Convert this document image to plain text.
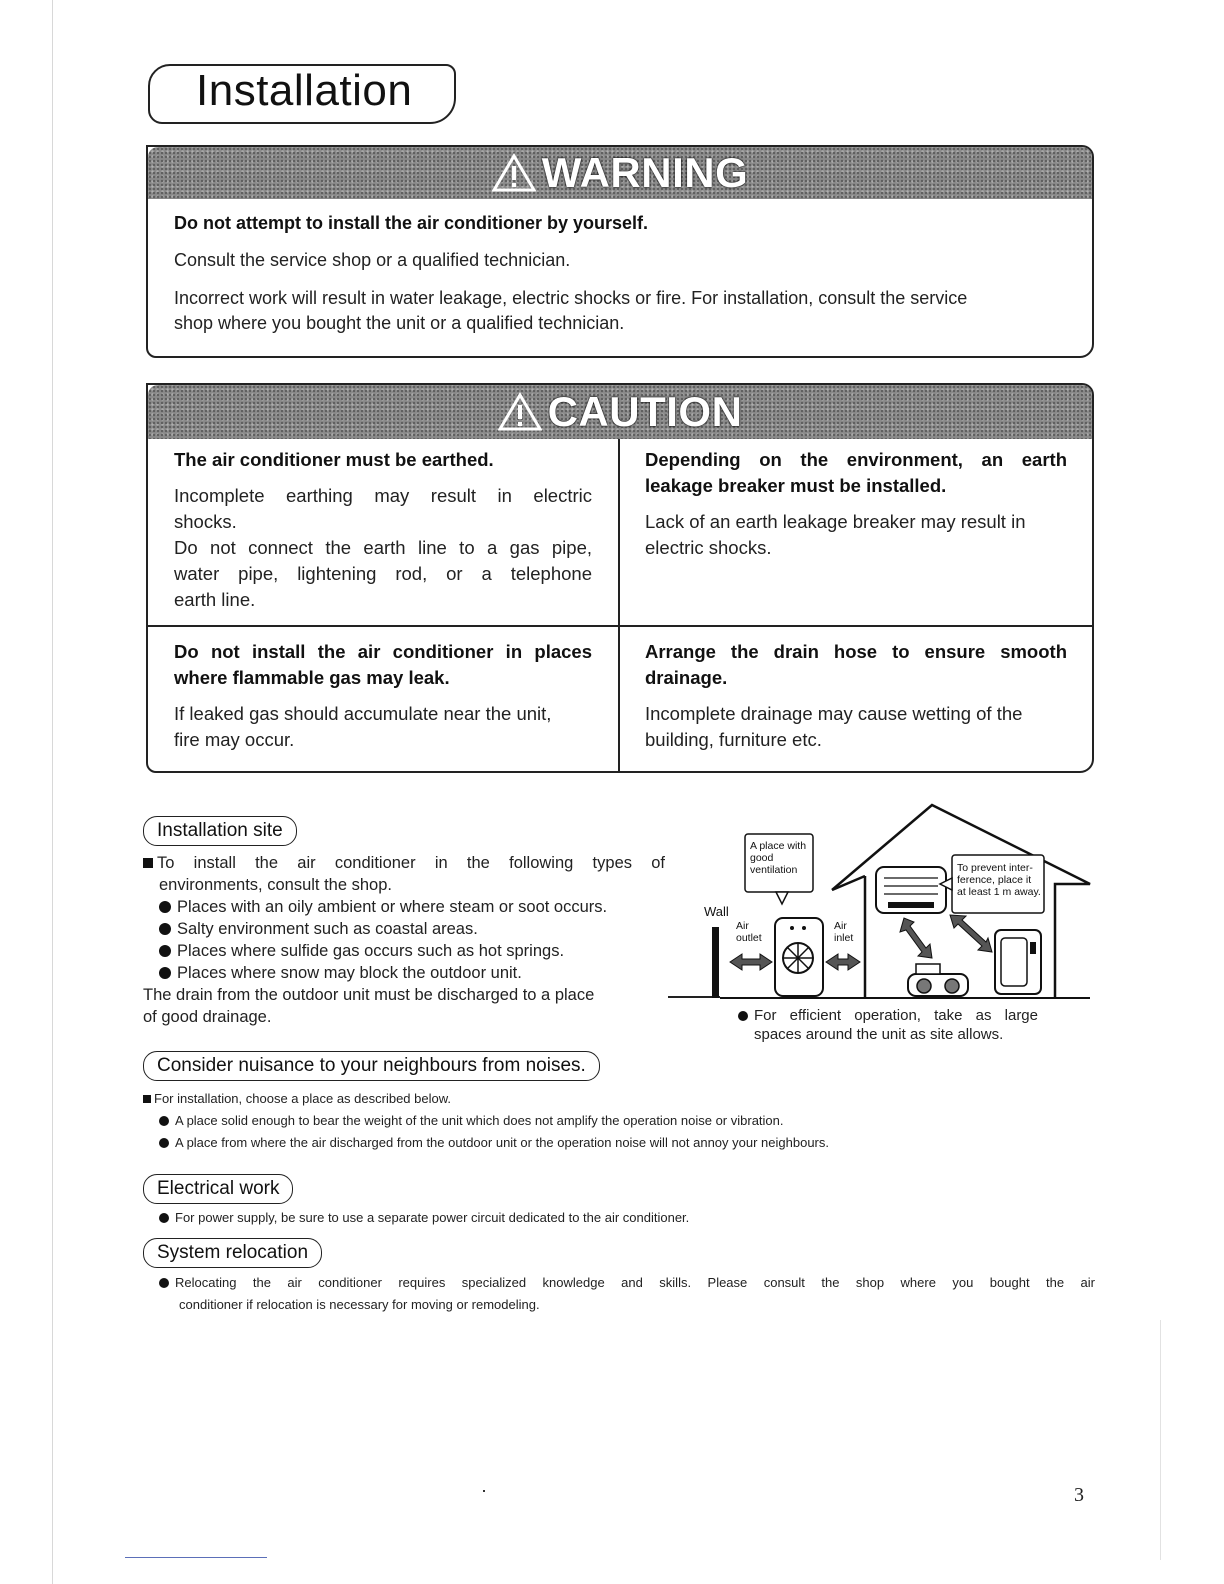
Installation
WARNING
Do not attempt to install the air conditioner by yourself.
Consult the service shop or a qualified technician.
Incorrect work will result in water leakage, electric shocks or fire. For installation, consult the service
shop where you bought the unit or a qualified technician.
CAUTION
The air conditioner must be earthed.
Incomplete earthing may result in electric
shocks.
Do not connect the earth line to a gas pipe,
water pipe, lightening rod, or a telephone
earth line.
Depending on the environment, an earth
leakage breaker must be installed.
Lack of an earth leakage breaker may result in
electric shocks.
Do not install the air conditioner in places
where flammable gas may leak.
If leaked gas should accumulate near the unit,
fire may occur.
Arrange the drain hose to ensure smooth
drainage.
Incomplete drainage may cause wetting of the
building, furniture etc.
Installation site
To install the air conditioner in the following types of
environments, consult the shop.
Places with an oily ambient or where steam or soot occurs.
Salty environment such as coastal areas.
Places where sulfide gas occurs such as hot springs.
Places where snow may block the outdoor unit.
The drain from the outdoor unit must be discharged to a place
of good drainage.
A place with
good
ventilation	To prevent inter-
ference, place it
at least 1 m away.
Wall
Air
outlet
Air
inlet
For efficient operation, take as large
spaces around the unit as site allows.
Consider nuisance to your neighbours from noises.
For installation, choose a place as described below.
A place solid enough to bear the weight of the unit which does not amplify the operation noise or vibration.
A place from where the air discharged from the outdoor unit or the operation noise will not annoy your neighbours.
Electrical work
For power supply, be sure to use a separate power circuit dedicated to the air conditioner.
System relocation
Relocating the air conditioner requires specialized knowledge and skills. Please consult the shop where you bought the air
conditioner if relocation is necessary for moving or remodeling.
3
